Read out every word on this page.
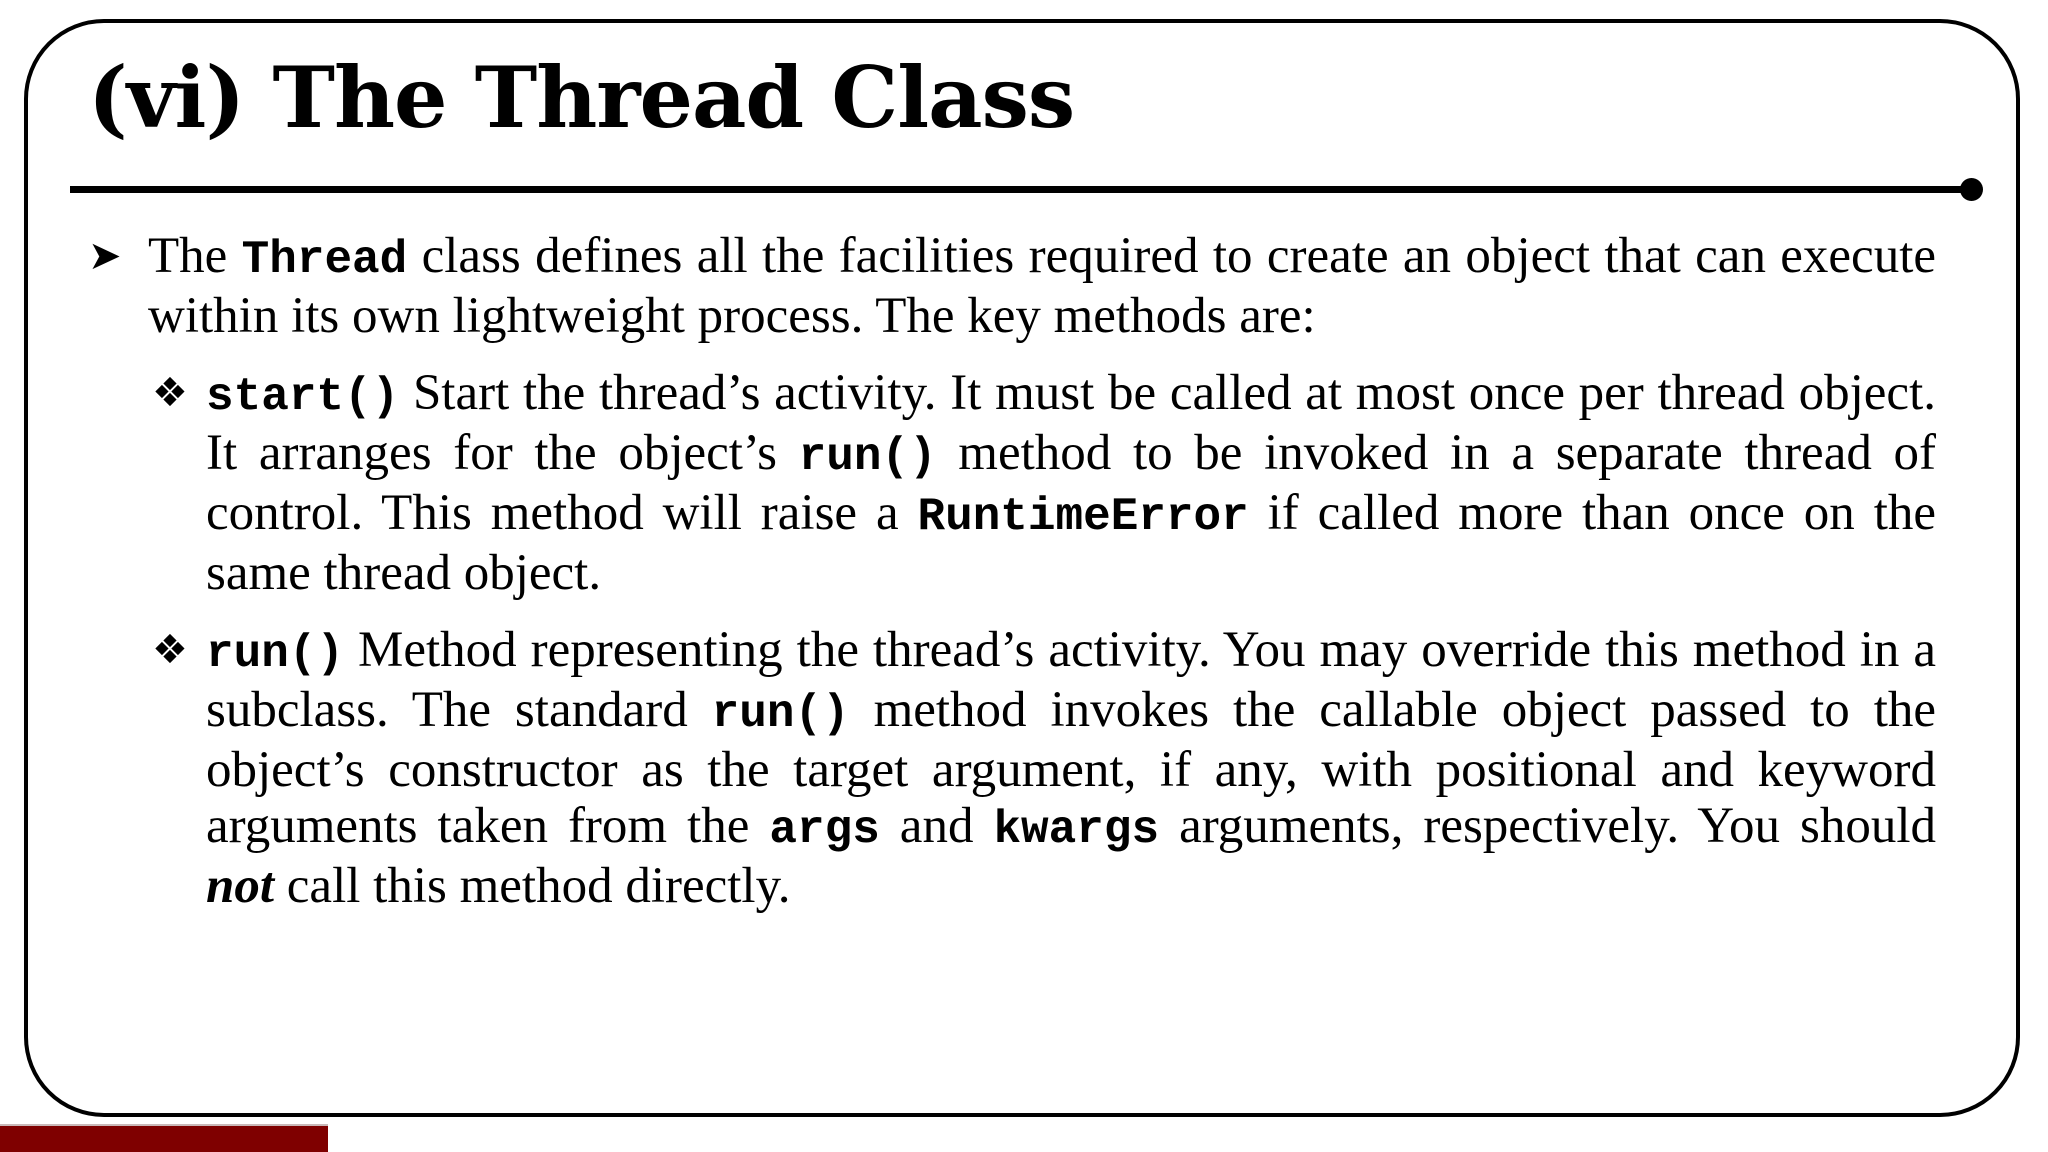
(vi) The Thread Class

➤ The Thread class defines all the facilities required to create an object that can execute within its own lightweight process. The key methods are:

❖ start() Start the thread’s activity. It must be called at most once per thread object. It arranges for the object’s run() method to be invoked in a separate thread of control. This method will raise a RuntimeError if called more than once on the same thread object.

❖ run() Method representing the thread’s activity. You may override this method in a subclass. The standard run() method invokes the callable object passed to the object’s constructor as the target argument, if any, with positional and keyword arguments taken from the args and kwargs arguments, respectively. You should not call this method directly.
